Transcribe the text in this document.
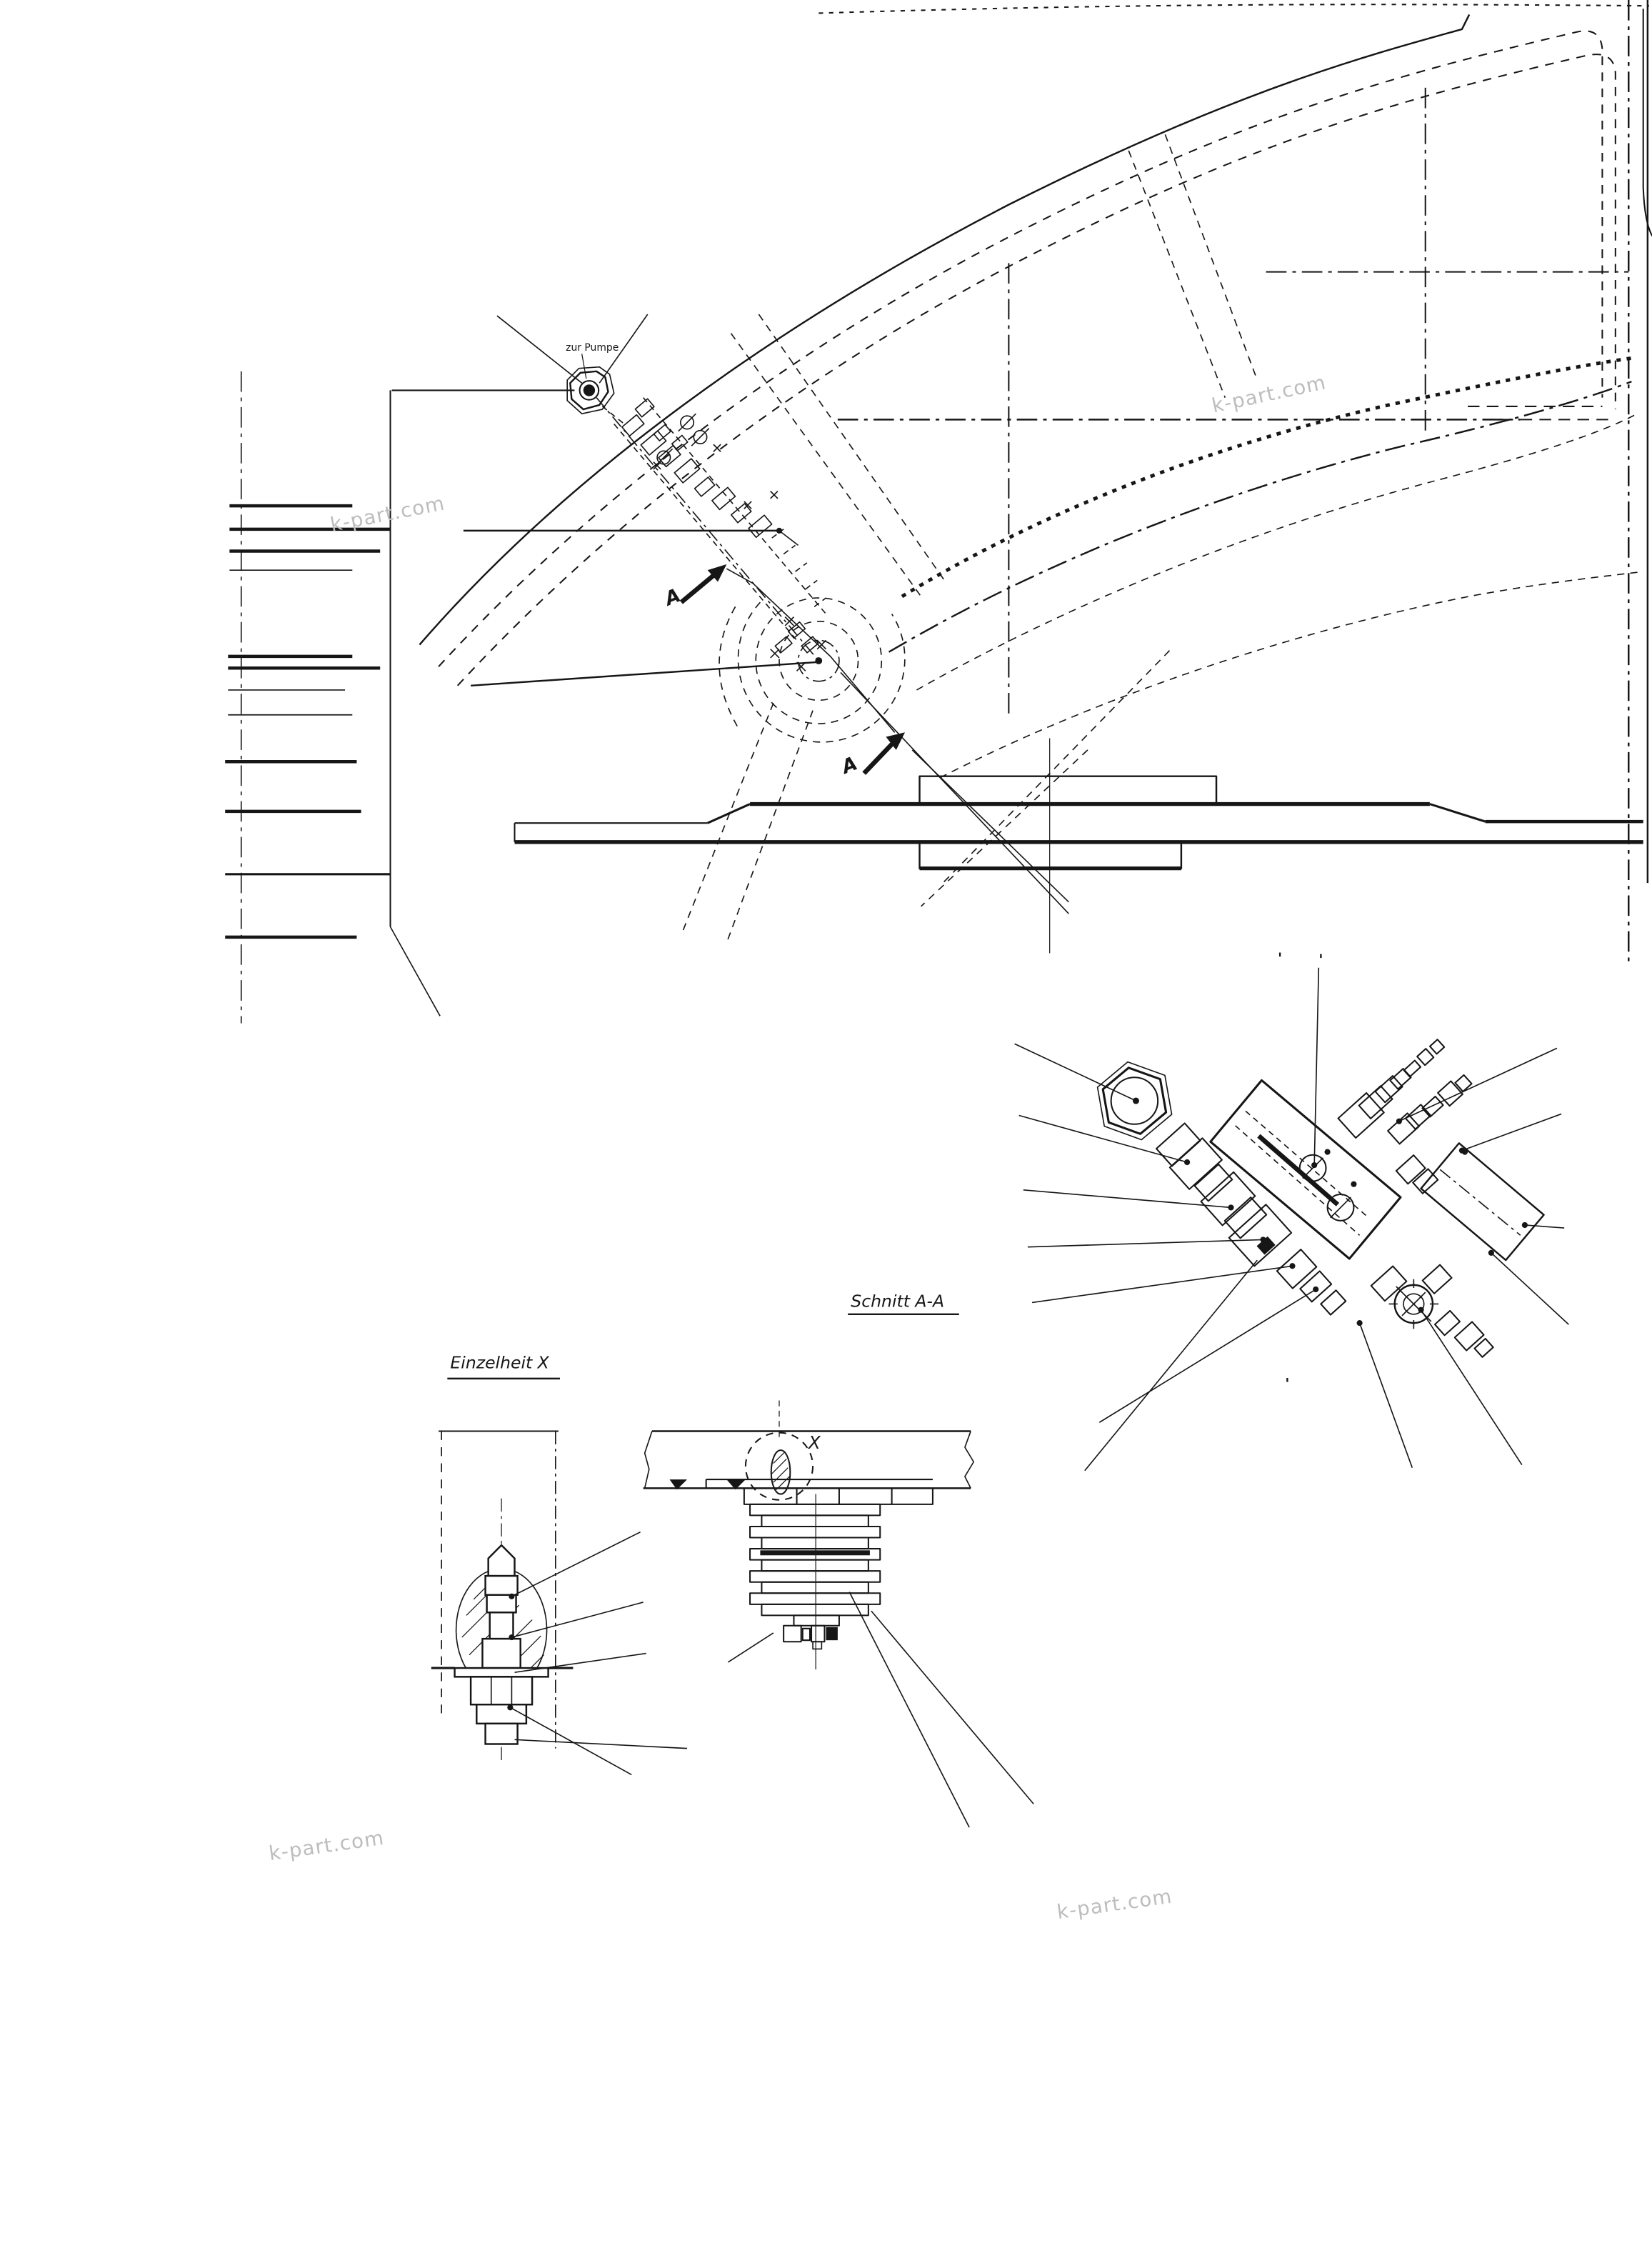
A
A
zur Pumpe
Schnitt A-A
'	'
'
Einzelheit X
X
k-part.com
k-part.com
k-part.com
k-part.com
